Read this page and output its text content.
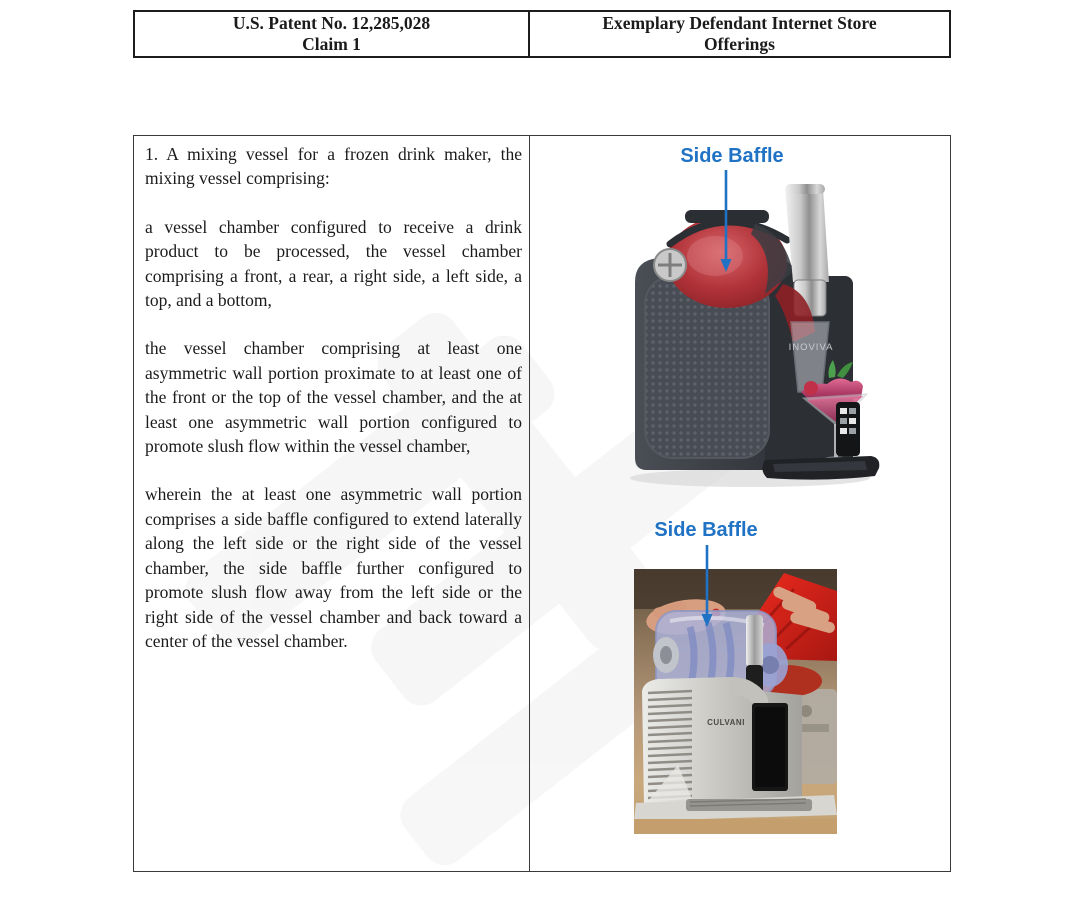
U.S. Patent No. 12,285,028
Claim 1
Exemplary Defendant Internet Store
Offerings

1. A mixing vessel for a frozen drink maker, the mixing vessel comprising:

a vessel chamber configured to receive a drink product to be processed, the vessel chamber comprising a front, a rear, a right side, a left side, a top, and a bottom,

the vessel chamber comprising at least one asymmetric wall portion proximate to at least one of the front or the top of the vessel chamber, and the at least one asymmetric wall portion configured to promote slush flow within the vessel chamber,

wherein the at least one asymmetric wall portion comprises a side baffle configured to extend laterally along the left side or the right side of the vessel chamber, the side baffle further configured to promote slush flow away from the left side or the right side of the vessel chamber and back toward a center of the vessel chamber.

Side Baffle
INOVIVA
Side Baffle
CULVANI
